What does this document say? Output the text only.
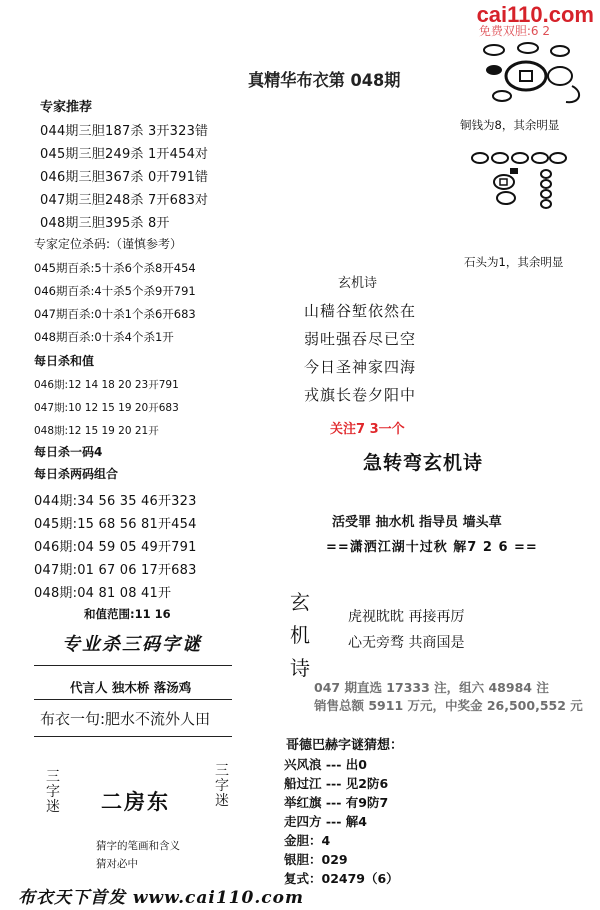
cai110.com
免费双胆:6 2
真精华布衣第 048期
铜钱为8，其余明显
石头为1，其余明显
专家推荐
044期三胆187杀 3开323错
045期三胆249杀 1开454对
046期三胆367杀 0开791错
047期三胆248杀 7开683对
048期三胆395杀 8开
专家定位杀码:（谨慎参考）
045期百杀:5十杀6个杀8开454
046期百杀:4十杀5个杀9开791
047期百杀:0十杀1个杀6开683
048期百杀:0十杀4个杀1开
每日杀和值
046期:12 14 18 20 23开791
047期:10 12 15 19 20开683
048期:12 15 19 20 21开
每日杀一码4
每日杀两码组合
044期:34 56 35 46开323
045期:15 68 56 81开454
046期:04 59 05 49开791
047期:01 67 06 17开683
048期:04 81 08 41开
和值范围:11 16
专业杀三码字谜
代言人 独木桥 落汤鸡
布衣一句:肥水不流外人田
三字迷 二房东
三字迷
猜字的笔画和含义
猜对必中
布衣天下首发 www.cai110.com
玄机诗
山穑谷堑依然在
弱吐强吞尽已空
今日圣神家四海
戎旗长卷夕阳中
关注7 3一个
急转弯玄机诗
活受罪 抽水机 指导员 墙头草
==潇洒江湖十过秋 解7 2 6 ==
玄
机
诗
虎视眈眈 再接再厉
心无旁骛 共商国是
047 期直选 17333 注，组六 48984 注
销售总额 5911 万元，中奖金 26,500,552 元
哥德巴赫字谜猜想：
兴风浪 --- 出0
船过江 --- 见2防6
举红旗 --- 有9防7
走四方 --- 解4
金胆：4
银胆：029
复式：02479（6）
